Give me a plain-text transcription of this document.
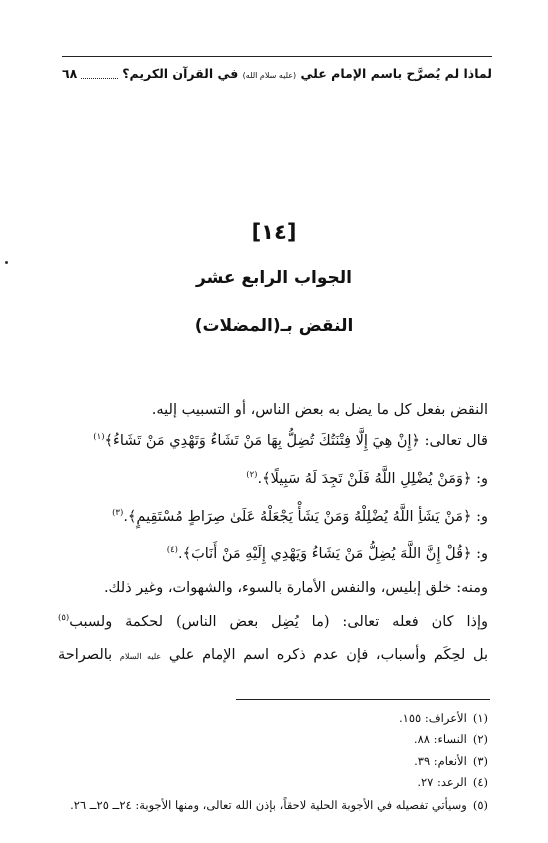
لماذا لم يُصرَّح باسم الإمام علي (عليه سلام الله) في القرآن الكريم؟
٦٨
[١٤]
الجواب الرابع عشر
النقض بـ(المضلات)
النقض بفعل كل ما يضل به بعض الناس، أو التسبيب إليه.
قال تعالى: ﴿إِنْ هِيَ إِلَّا فِتْنَتُكَ تُضِلُّ بِهَا مَنْ تَشَاءُ وَتَهْدِي مَنْ تَشَاءُ﴾$^{(١)}$
و: ﴿وَمَنْ يُضْلِلِ اللَّهُ فَلَنْ تَجِدَ لَهُ سَبِيلًا﴾.$^{(٢)}$
و: ﴿مَنْ يَشَأِ اللَّهُ يُضْلِلْهُ وَمَنْ يَشَأْ يَجْعَلْهُ عَلَىٰ صِرَاطٍ مُسْتَقِيمٍ﴾.$^{(٣)}$
و: ﴿قُلْ إِنَّ اللَّهَ يُضِلُّ مَنْ يَشَاءُ وَيَهْدِي إِلَيْهِ مَنْ أَنَابَ﴾.$^{(٤)}$
ومنه: خلق إبليس، والنفس الأمارة بالسوء، والشهوات، وغير ذلك.
وإذا كان فعله تعالى: (ما يُضِل بعض الناس) لحكمة ولسبب$^{(٥)}$
بل لحِكَم وأسباب، فإن عدم ذكره اسم الإمام علي عليه السلام بالصراحة
(١)الأعراف: ١٥٥.
(٢)النساء: ٨٨.
(٣)الأنعام: ٣٩.
(٤)الرعد: ٢٧.
(٥)وسيأتي تفصيله في الأجوبة الحلية لاحقاً، بإذن الله تعالى، ومنها الأجوبة: ٢٤ــ ٢٥ــ ٢٦.
